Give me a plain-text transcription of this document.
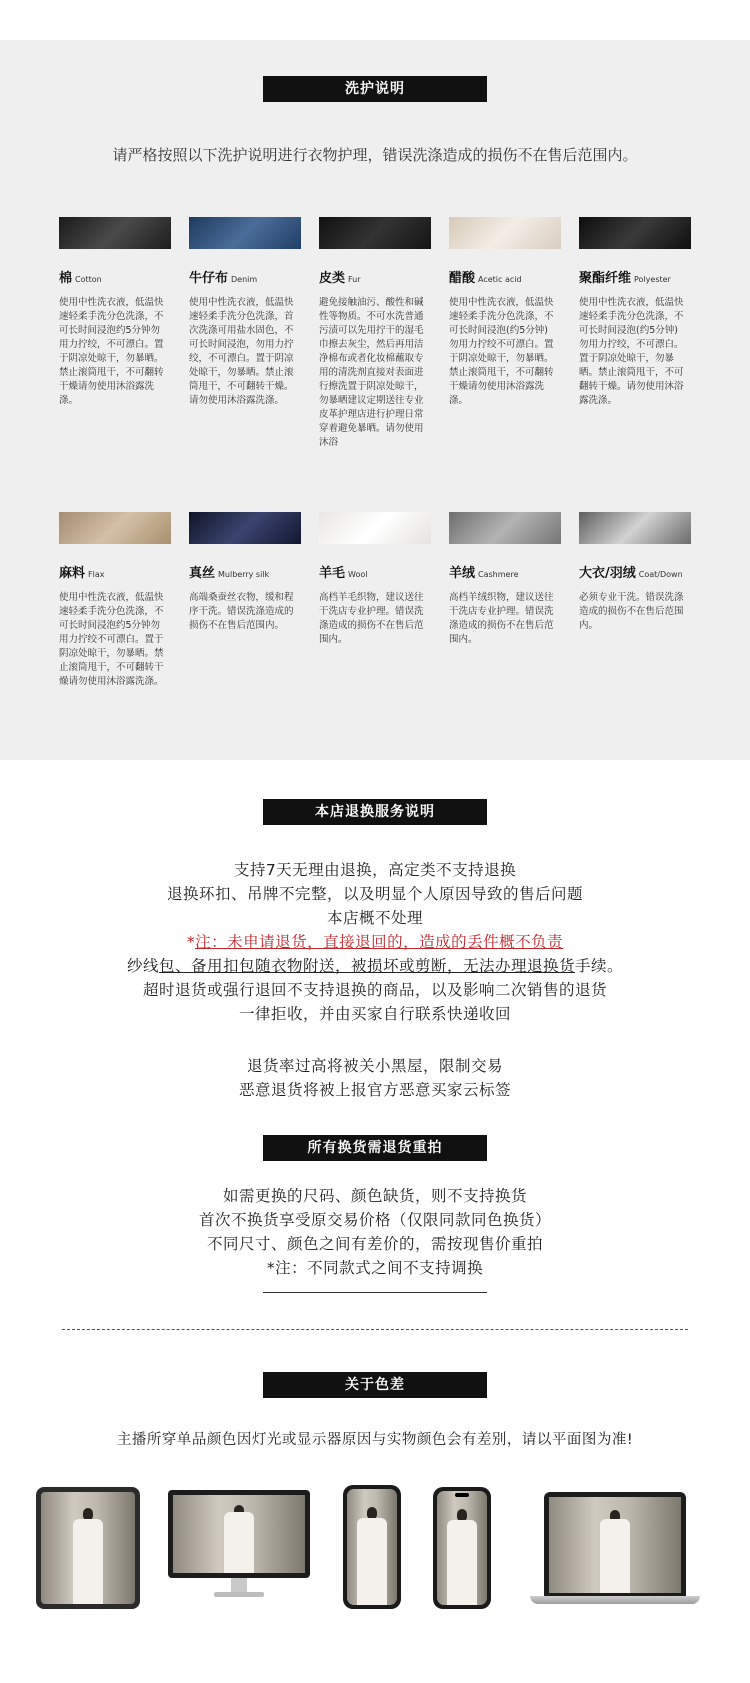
洗护说明
请严格按照以下洗护说明进行衣物护理，错误洗涤造成的损伤不在售后范围内。
棉 Cotton
使用中性洗衣液，低温快速轻柔手洗分色洗涤，不可长时间浸泡约5分钟勿用力拧绞，不可漂白。置于阴凉处晾干，勿暴晒。禁止滚筒甩干，不可翻转干燥请勿使用沐浴露洗涤。
牛仔布 Denim
使用中性洗衣液，低温快速轻柔手洗分色洗涤，首次洗涤可用盐水固色，不可长时间浸泡，勿用力拧绞，不可漂白。置于阴凉处晾干，勿暴晒。禁止滚筒甩干，不可翻转干燥。请勿使用沐浴露洗涤。
皮类 Fur
避免接触油污、酸性和碱性等物质。不可水洗普通污渍可以先用拧干的湿毛巾擦去灰尘，然后再用洁净棉布或者化妆棉蘸取专用的清洗剂直接对表面进行擦洗置于阴凉处晾干，勿暴晒建议定期送往专业皮革护理店进行护理日常穿着避免暴晒。请勿使用沐浴
醋酸 Acetic acid
使用中性洗衣液，低温快速轻柔手洗分色洗涤，不可长时间浸泡(约5分钟)勿用力拧绞不可漂白。置于阴凉处晾干，勿暴晒。禁止滚筒甩干，不可翻转干燥请勿使用沐浴露洗涤。
聚酯纤维 Polyester
使用中性洗衣液，低温快速轻柔手洗分色洗涤，不可长时间浸泡(约5分钟)勿用力拧绞，不可漂白。置于阴凉处晾干，勿暴晒。禁止滚筒甩干，不可翻转干燥。请勿使用沐浴露洗涤。
麻料 Flax
使用中性洗衣液，低温快速轻柔手洗分色洗涤，不可长时间浸泡约5分钟勿用力拧绞不可漂白。置于阴凉处晾干，勿暴晒。禁止滚筒甩干，不可翻转干燥请勿使用沐浴露洗涤。
真丝 Mulberry silk
高端桑蚕丝衣物，缓和程序干洗。错误洗涤造成的损伤不在售后范围内。
羊毛 Wool
高档羊毛织物，建议送往干洗店专业护理。错误洗涤造成的损伤不在售后范围内。
羊绒 Cashmere
高档羊绒织物，建议送往干洗店专业护理。错误洗涤造成的损伤不在售后范围内。
大衣/羽绒 Coat/Down
必须专业干洗。错误洗涤造成的损伤不在售后范围内。
本店退换服务说明
支持7天无理由退换，高定类不支持退换
退换环扣、吊牌不完整，以及明显个人原因导致的售后问题
本店概不处理
*注：未申请退货，直接退回的，造成的丢件概不负责
纱线包、备用扣包随衣物附送，被损坏或剪断，无法办理退换货手续。
超时退货或强行退回不支持退换的商品，以及影响二次销售的退货
一律拒收，并由买家自行联系快递收回
退货率过高将被关小黑屋，限制交易
恶意退货将被上报官方恶意买家云标签
所有换货需退货重拍
如需更换的尺码、颜色缺货，则不支持换货
首次不换货享受原交易价格（仅限同款同色换货）
不同尺寸、颜色之间有差价的，需按现售价重拍
*注：不同款式之间不支持调换
关于色差
主播所穿单品颜色因灯光或显示器原因与实物颜色会有差别，请以平面图为准!
